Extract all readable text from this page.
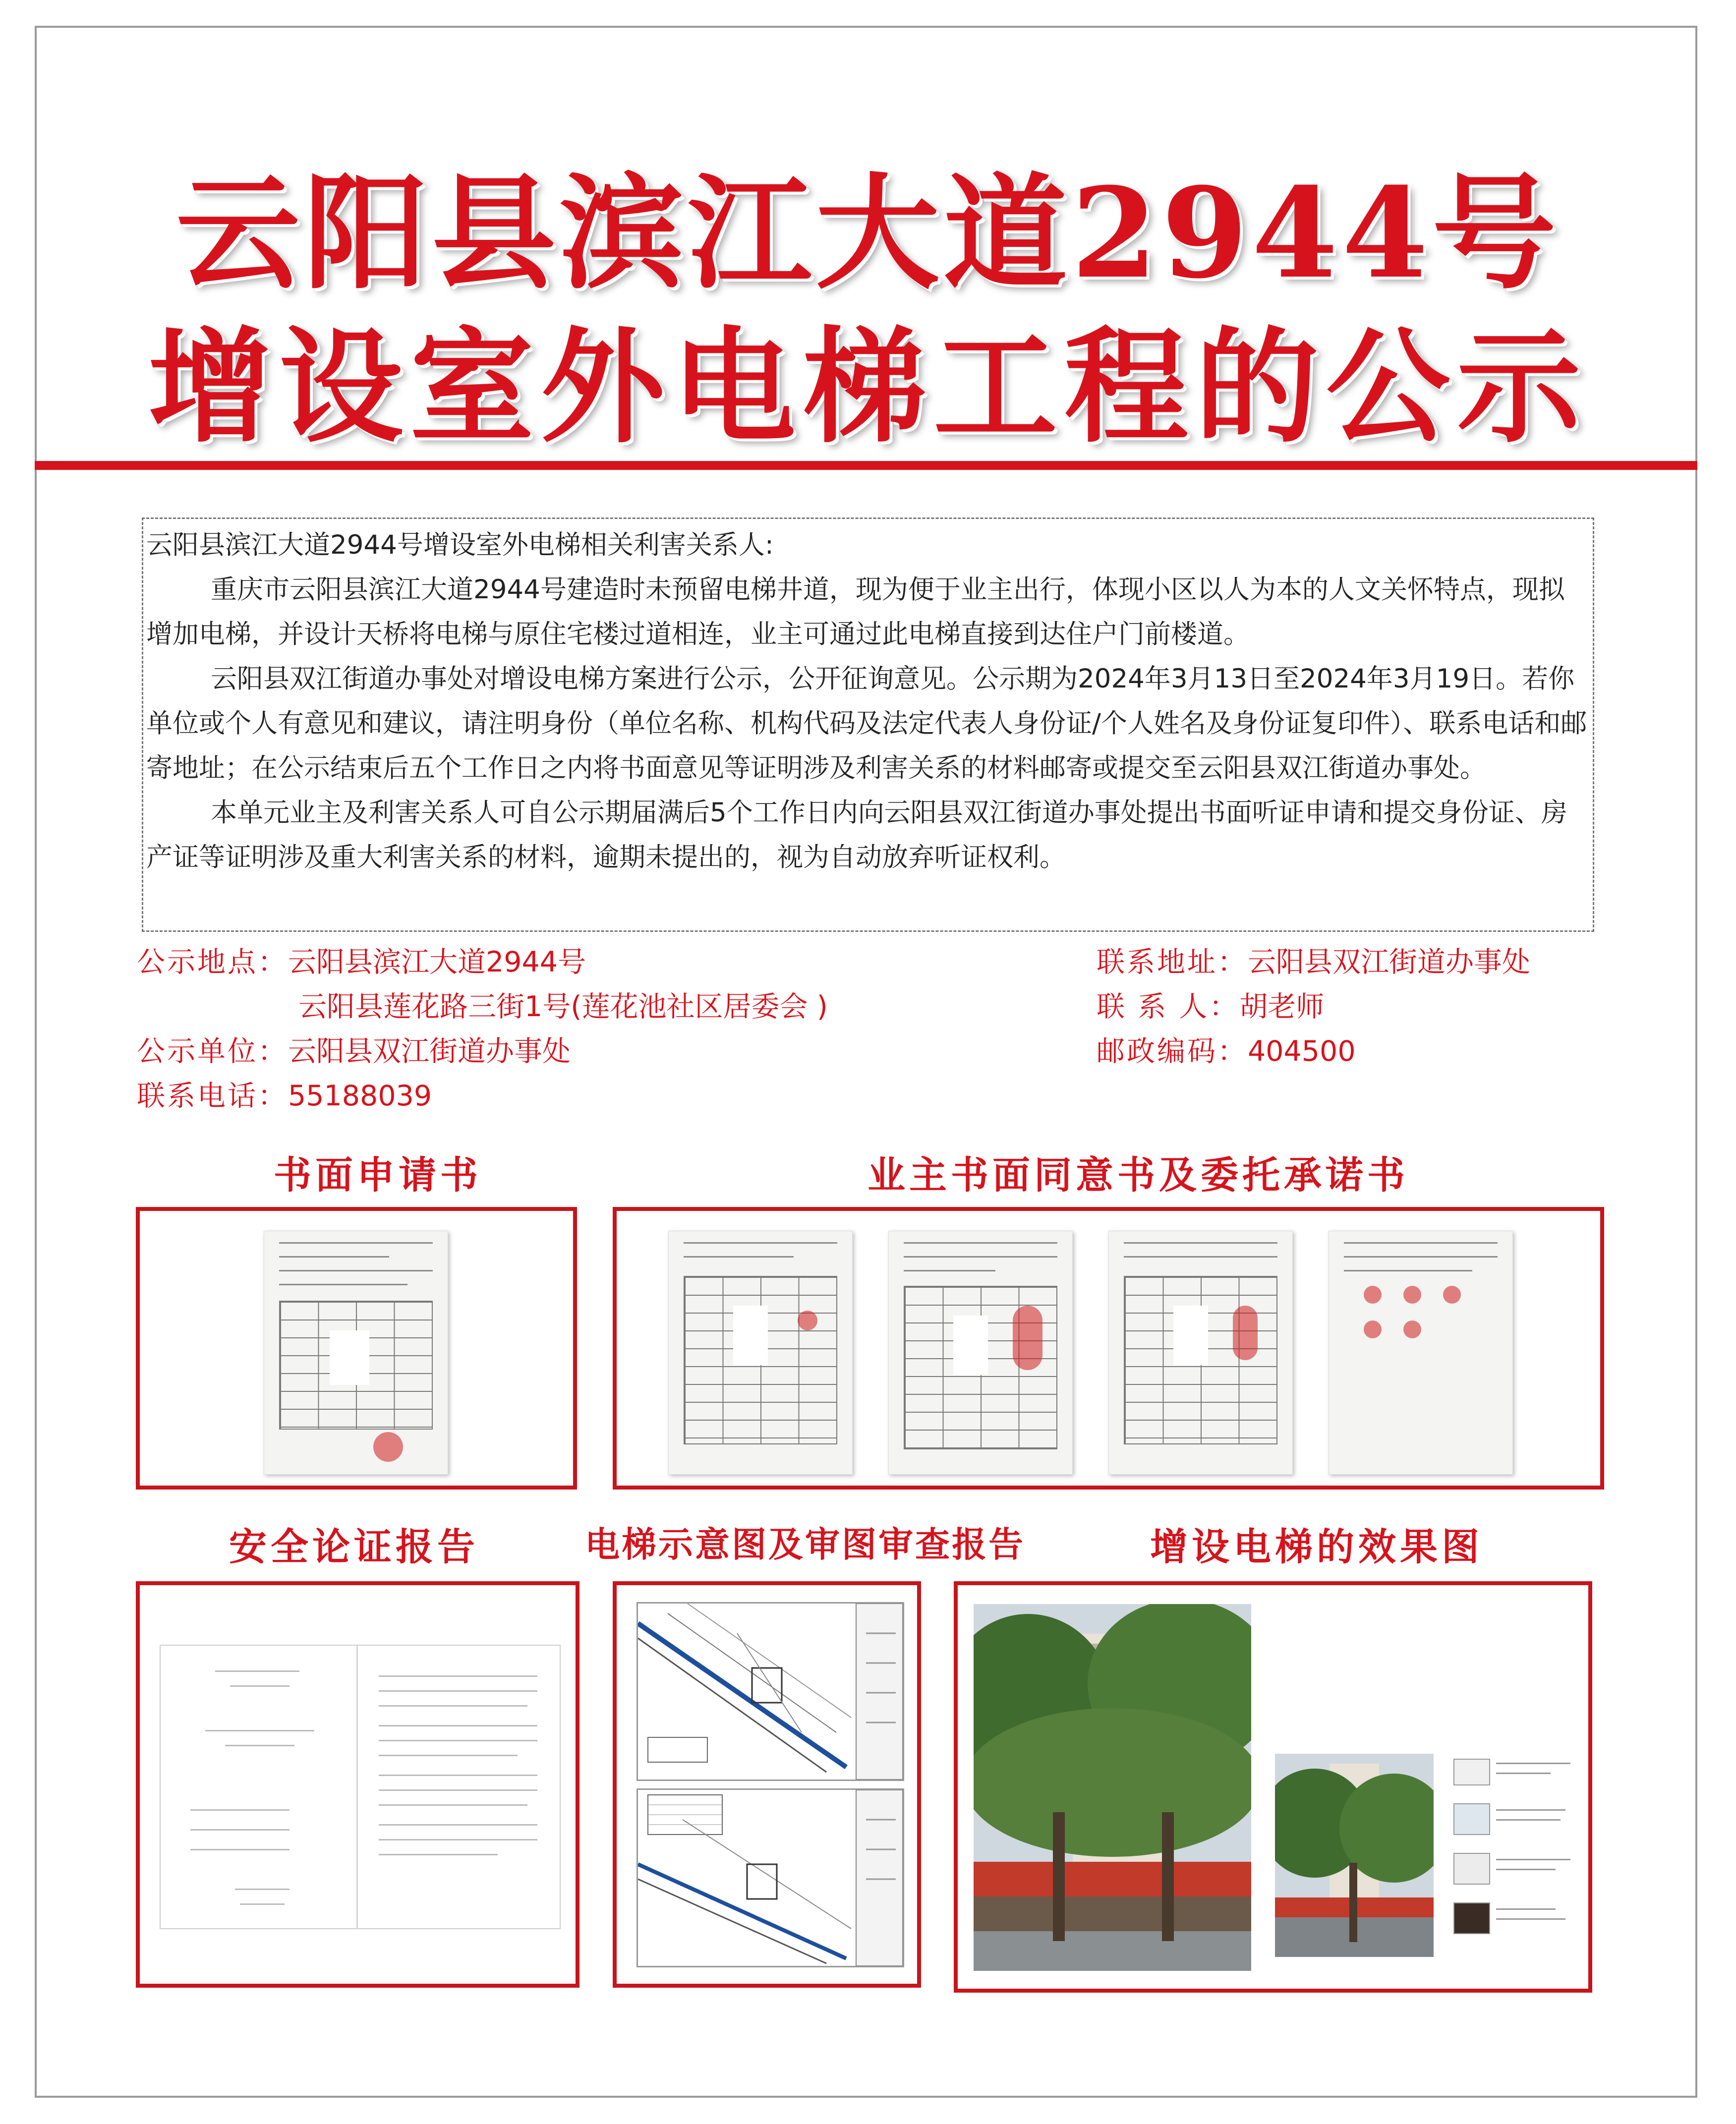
云阳县滨江大道2944号
增设室外电梯工程的公示

云阳县滨江大道2944号增设室外电梯相关利害关系人:

重庆市云阳县滨江大道2944号建造时未预留电梯井道，现为便于业主出行，体现小区以人为本的人文关怀特点，现拟增加电梯，并设计天桥将电梯与原住宅楼过道相连，业主可通过此电梯直接到达住户门前楼道。

云阳县双江街道办事处对增设电梯方案进行公示，公开征询意见。公示期为2024年3月13日至2024年3月19日。若你单位或个人有意见和建议，请注明身份（单位名称、机构代码及法定代表人身份证/个人姓名及身份证复印件）、联系电话和邮寄地址；在公示结束后五个工作日之内将书面意见等证明涉及利害关系的材料邮寄或提交至云阳县双江街道办事处。

本单元业主及利害关系人可自公示期届满后5个工作日内向云阳县双江街道办事处提出书面听证申请和提交身份证、房产证等证明涉及重大利害关系的材料，逾期未提出的，视为自动放弃听证权利。

公示地点：云阳县滨江大道2944号
云阳县莲花路三街1号(莲花池社区居委会 )
公示单位：云阳县双江街道办事处
联系电话：55188039
联系地址：云阳县双江街道办事处
联 系 人：胡老师
邮政编码：404500
书面申请书	业主书面同意书及委托承诺书
安全论证报告	电梯示意图及审图审查报告	增设电梯的效果图
